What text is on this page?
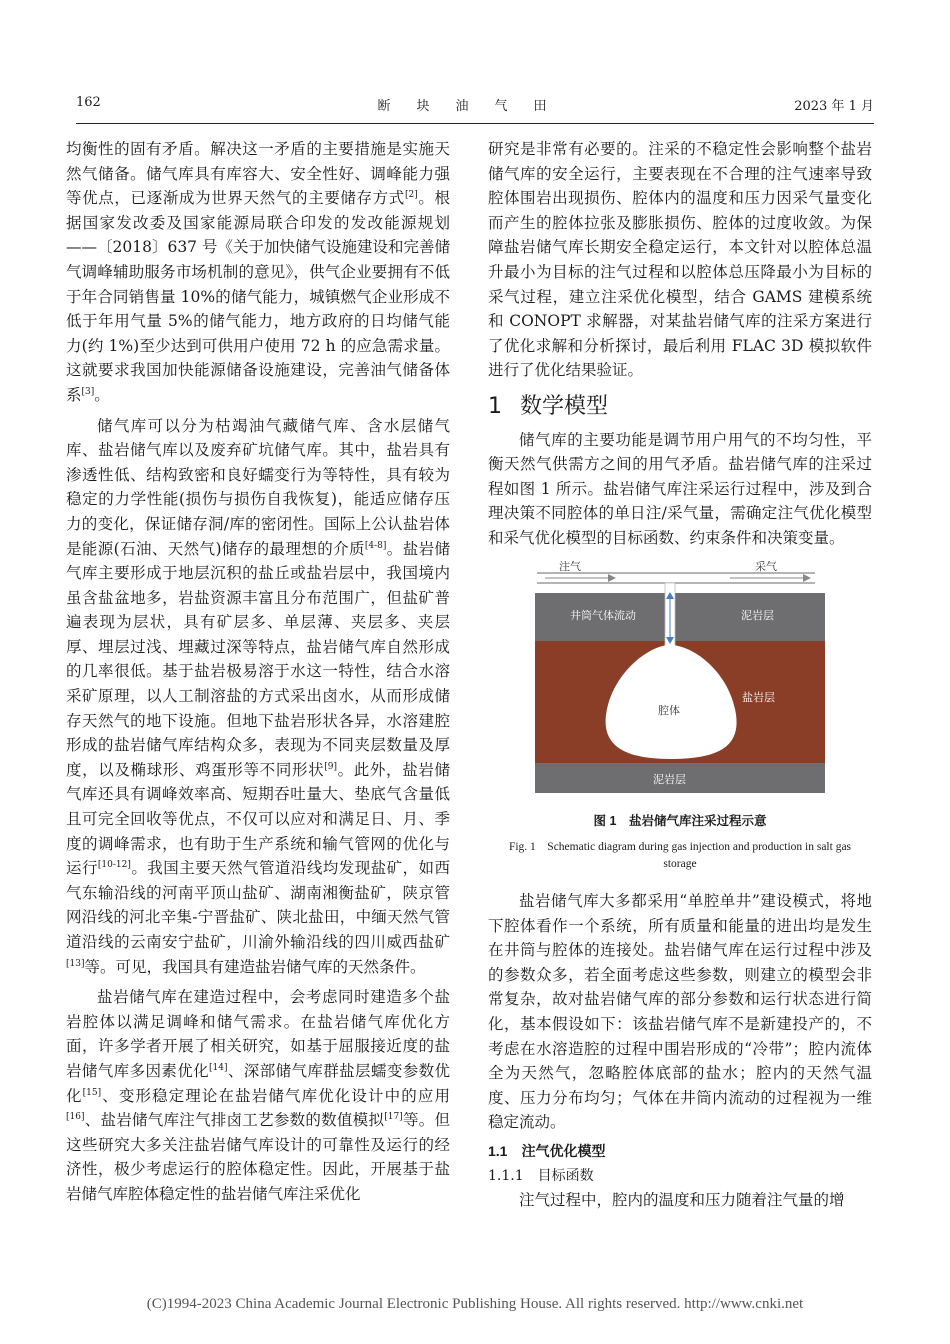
162	断块油气田	2023 年 1 月

均衡性的固有矛盾。解决这一矛盾的主要措施是实施天然气储备。储气库具有库容大、安全性好、调峰能力强等优点，已逐渐成为世界天然气的主要储存方式[2]。根据国家发改委及国家能源局联合印发的发改能源规划——〔2018〕637 号《关于加快储气设施建设和完善储气调峰辅助服务市场机制的意见》，供气企业要拥有不低于年合同销售量 10%的储气能力，城镇燃气企业形成不低于年用气量 5%的储气能力，地方政府的日均储气能力(约 1%)至少达到可供用户使用 72 h 的应急需求量。这就要求我国加快能源储备设施建设，完善油气储备体系[3]。

储气库可以分为枯竭油气藏储气库、含水层储气库、盐岩储气库以及废弃矿坑储气库。其中，盐岩具有渗透性低、结构致密和良好蠕变行为等特性，具有较为稳定的力学性能(损伤与损伤自我恢复)，能适应储存压力的变化，保证储存洞/库的密闭性。国际上公认盐岩体是能源(石油、天然气)储存的最理想的介质[4-8]。盐岩储气库主要形成于地层沉积的盐丘或盐岩层中，我国境内虽含盐盆地多，岩盐资源丰富且分布范围广，但盐矿普遍表现为层状，具有矿层多、单层薄、夹层多、夹层厚、埋层过浅、埋藏过深等特点，盐岩储气库自然形成的几率很低。基于盐岩极易溶于水这一特性，结合水溶采矿原理，以人工制溶盐的方式采出卤水，从而形成储存天然气的地下设施。但地下盐岩形状各异，水溶建腔形成的盐岩储气库结构众多，表现为不同夹层数量及厚度，以及椭球形、鸡蛋形等不同形状[9]。此外，盐岩储气库还具有调峰效率高、短期吞吐量大、垫底气含量低且可完全回收等优点，不仅可以应对和满足日、月、季度的调峰需求，也有助于生产系统和输气管网的优化与运行[10-12]。我国主要天然气管道沿线均发现盐矿，如西气东输沿线的河南平顶山盐矿、湖南湘衡盐矿，陕京管网沿线的河北辛集-宁晋盐矿、陕北盐田，中缅天然气管道沿线的云南安宁盐矿，川渝外输沿线的四川威西盐矿[13]等。可见，我国具有建造盐岩储气库的天然条件。

盐岩储气库在建造过程中，会考虑同时建造多个盐岩腔体以满足调峰和储气需求。在盐岩储气库优化方面，许多学者开展了相关研究，如基于屈服接近度的盐岩储气库多因素优化[14]、深部储气库群盐层蠕变参数优化[15]、变形稳定理论在盐岩储气库优化设计中的应用[16]、盐岩储气库注气排卤工艺参数的数值模拟[17]等。但这些研究大多关注盐岩储气库设计的可靠性及运行的经济性，极少考虑运行的腔体稳定性。因此，开展基于盐岩储气库腔体稳定性的盐岩储气库注采优化

研究是非常有必要的。注采的不稳定性会影响整个盐岩储气库的安全运行，主要表现在不合理的注气速率导致腔体围岩出现损伤、腔体内的温度和压力因采气量变化而产生的腔体拉张及膨胀损伤、腔体的过度收敛。为保障盐岩储气库长期安全稳定运行，本文针对以腔体总温升最小为目标的注气过程和以腔体总压降最小为目标的采气过程，建立注采优化模型，结合 GAMS 建模系统和 CONOPT 求解器，对某盐岩储气库的注采方案进行了优化求解和分析探讨，最后利用 FLAC 3D 模拟软件进行了优化结果验证。

1 数学模型

储气库的主要功能是调节用户用气的不均匀性，平衡天然气供需方之间的用气矛盾。盐岩储气库的注采过程如图 1 所示。盐岩储气库注采运行过程中，涉及到合理决策不同腔体的单日注/采气量，需确定注气优化模型和采气优化模型的目标函数、约束条件和决策变量。

注气	采气
井筒气体流动	泥岩层
盐岩层
腔体
泥岩层
图 1　盐岩储气库注采过程示意
Fig. 1　Schematic diagram during gas injection and production in salt gas storage

盐岩储气库大多都采用“单腔单井”建设模式，将地下腔体看作一个系统，所有质量和能量的进出均是发生在井筒与腔体的连接处。盐岩储气库在运行过程中涉及的参数众多，若全面考虑这些参数，则建立的模型会非常复杂，故对盐岩储气库的部分参数和运行状态进行简化，基本假设如下：该盐岩储气库不是新建投产的，不考虑在水溶造腔的过程中围岩形成的“冷带”；腔内流体全为天然气，忽略腔体底部的盐水；腔内的天然气温度、压力分布均匀；气体在井筒内流动的过程视为一维稳定流动。

1.1　注气优化模型
1.1.1　目标函数

注气过程中，腔内的温度和压力随着注气量的增

(C)1994-2023 China Academic Journal Electronic Publishing House. All rights reserved. http://www.cnki.net
